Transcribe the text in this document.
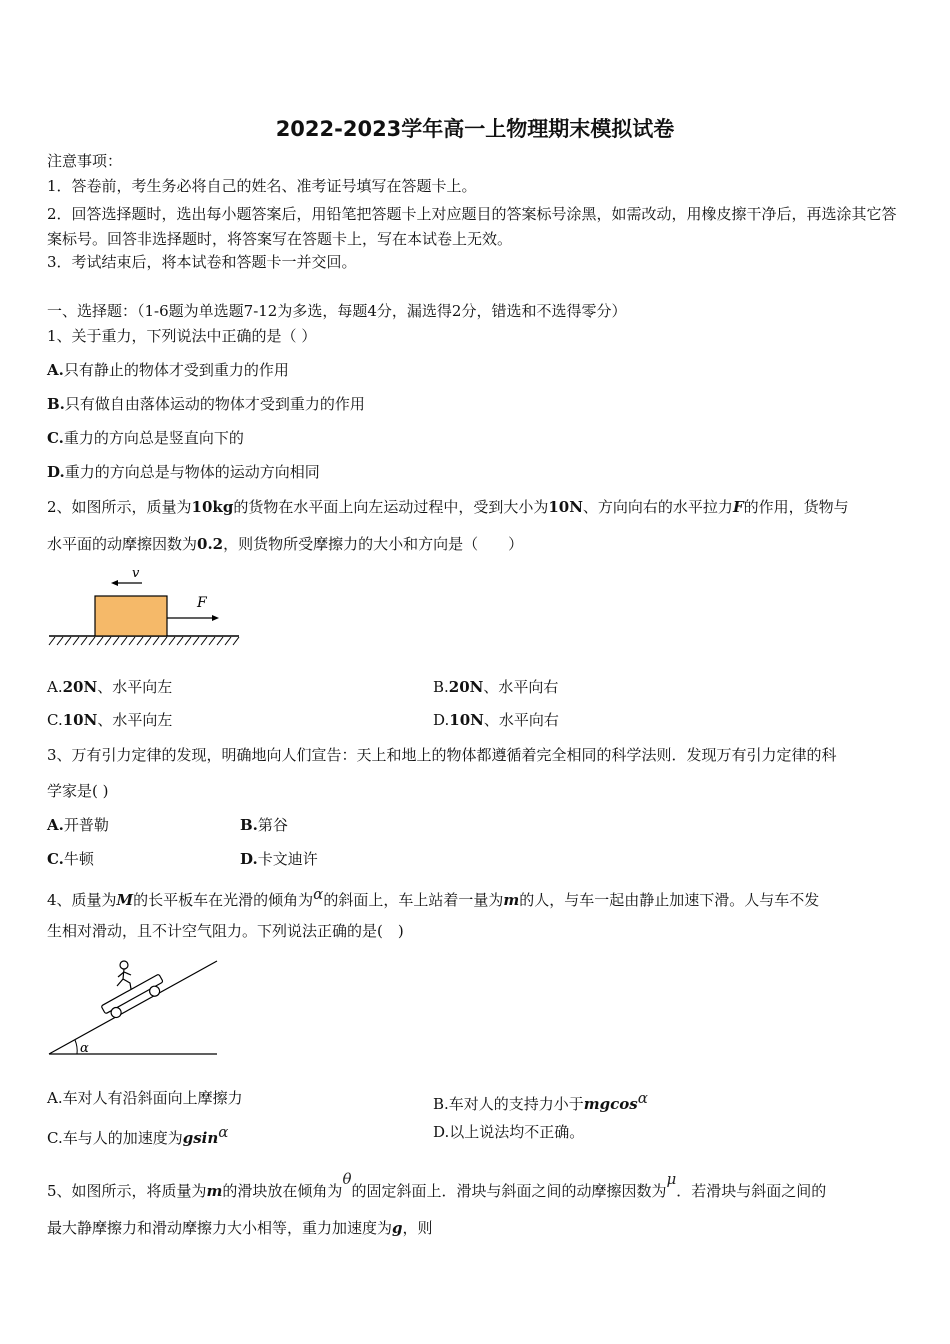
2022-2023学年高一上物理期末模拟试卷
注意事项：
1．答卷前，考生务必将自己的姓名、准考证号填写在答题卡上。
2．回答选择题时，选出每小题答案后，用铅笔把答题卡上对应题目的答案标号涂黑，如需改动，用橡皮擦干净后，再选涂其它答案标号。回答非选择题时，将答案写在答题卡上，写在本试卷上无效。
3．考试结束后，将本试卷和答题卡一并交回。
一、选择题：（1-6题为单选题7-12为多选，每题4分，漏选得2分，错选和不选得零分）
1、关于重力，下列说法中正确的是（ ）
A.只有静止的物体才受到重力的作用
B.只有做自由落体运动的物体才受到重力的作用
C.重力的方向总是竖直向下的
D.重力的方向总是与物体的运动方向相同
2、如图所示，质量为10kg的货物在水平面上向左运动过程中，受到大小为10N、方向向右的水平拉力F的作用，货物与
水平面的动摩擦因数为0.2，则货物所受摩擦力的大小和方向是（　　）
v
F
A.20N、水平向左	B.20N、水平向右
C.10N、水平向左	D.10N、水平向右
3、万有引力定律的发现，明确地向人们宣告：天上和地上的物体都遵循着完全相同的科学法则．发现万有引力定律的科
学家是( )
A.开普勒	B.第谷
C.牛顿	D.卡文迪许
4、质量为M的长平板车在光滑的倾角为α的斜面上，车上站着一量为m的人，与车一起由静止加速下滑。人与车不发
生相对滑动，且不计空气阻力。下列说法正确的是(　)
α
A.车对人有沿斜面向上摩擦力	B.车对人的支持力小于mgcosα
C.车与人的加速度为gsinα	D.以上说法均不正确。
5、如图所示，将质量为m的滑块放在倾角为θ的固定斜面上．滑块与斜面之间的动摩擦因数为μ．若滑块与斜面之间的
最大静摩擦力和滑动摩擦力大小相等，重力加速度为g，则
